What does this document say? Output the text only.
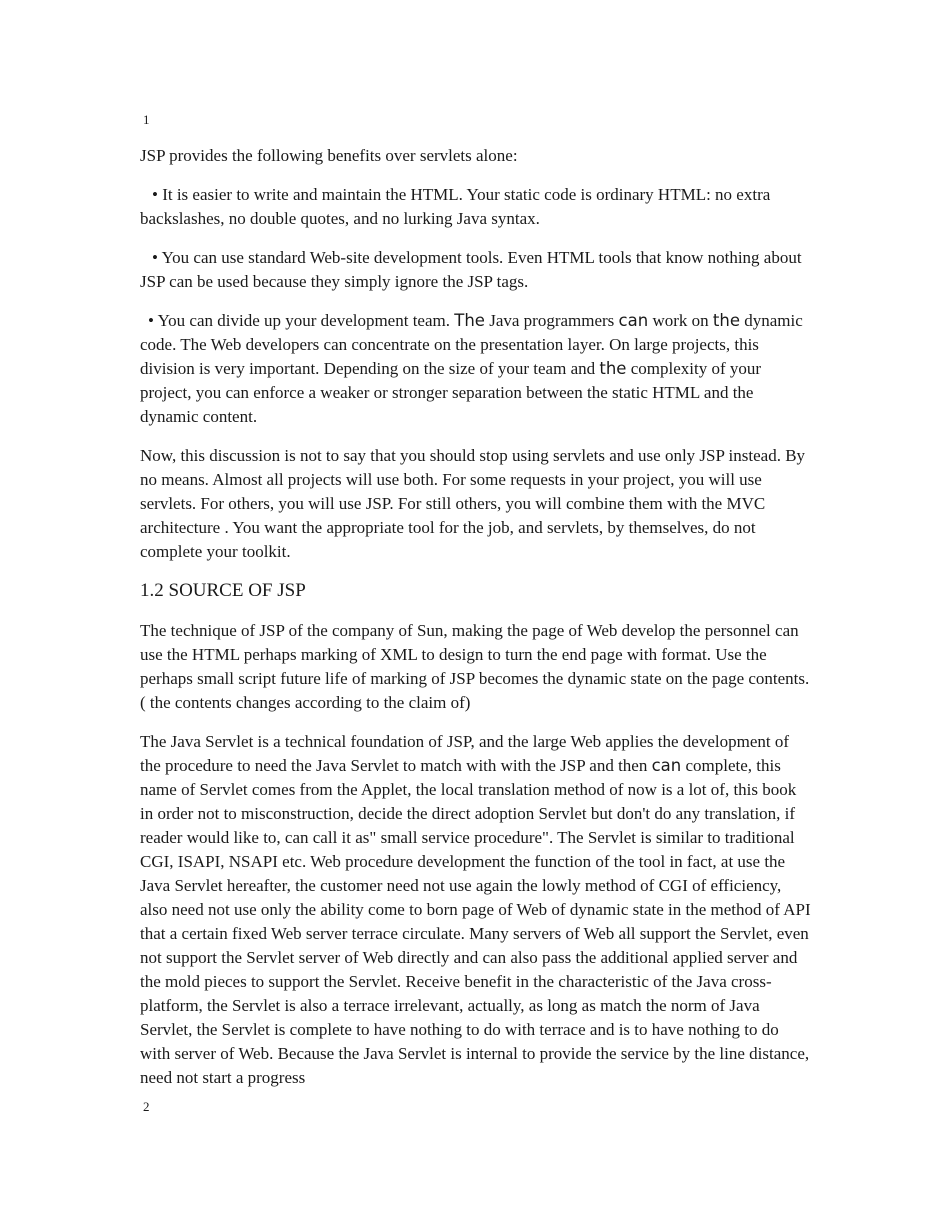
1

JSP provides the following benefits over servlets alone:

• It is easier to write and maintain the HTML. Your static code is ordinary HTML: no extra backslashes, no double quotes, and no lurking Java syntax.

• You can use standard Web-site development tools. Even HTML tools that know nothing about JSP can be used because they simply ignore the JSP tags.

• You can divide up your development team. The Java programmers can work on the dynamic code. The Web developers can concentrate on the presentation layer. On large projects, this division is very important. Depending on the size of your team and the complexity of your project, you can enforce a weaker or stronger separation between the static HTML and the dynamic content.

Now, this discussion is not to say that you should stop using servlets and use only JSP instead. By no means. Almost all projects will use both. For some requests in your project, you will use servlets. For others, you will use JSP. For still others, you will combine them with the MVC architecture . You want the appropriate tool for the job, and servlets, by themselves, do not complete your toolkit.

1.2 SOURCE OF JSP

The technique of JSP of the company of Sun, making the page of Web develop the personnel can use the HTML perhaps marking of XML to design to turn the end page with format. Use the perhaps small script future life of marking of JSP becomes the dynamic state on the page contents.( the contents changes according to the claim of)

The Java Servlet is a technical foundation of JSP, and the large Web applies the development of the procedure to need the Java Servlet to match with with the JSP and then can complete, this name of Servlet comes from the Applet, the local translation method of now is a lot of, this book in order not to misconstruction, decide the direct adoption Servlet but don't do any translation, if reader would like to, can call it as" small service procedure". The Servlet is similar to traditional CGI, ISAPI, NSAPI etc. Web procedure development the function of the tool in fact, at use the Java Servlet hereafter, the customer need not use again the lowly method of CGI of efficiency, also need not use only the ability come to born page of Web of dynamic state in the method of API that a certain fixed Web server terrace circulate. Many servers of Web all support the Servlet, even not support the Servlet server of Web directly and can also pass the additional applied server and the mold pieces to support the Servlet. Receive benefit in the characteristic of the Java cross-platform, the Servlet is also a terrace irrelevant, actually, as long as match the norm of Java Servlet, the Servlet is complete to have nothing to do with terrace and is to have nothing to do with server of Web. Because the Java Servlet is internal to provide the service by the line distance, need not start a progress

2
